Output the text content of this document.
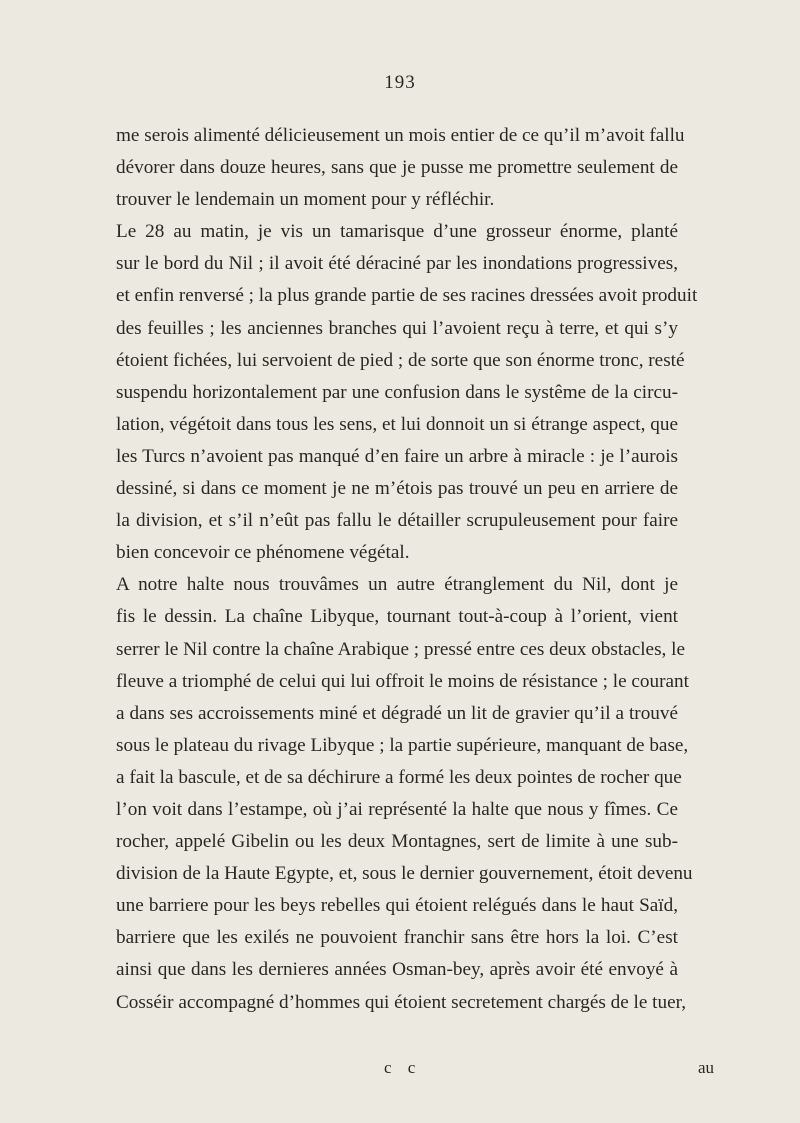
193
me serois alimenté délicieusement un mois entier de ce qu’il m’avoit fallu
dévorer dans douze heures, sans que je pusse me promettre seulement de
trouver le lendemain un moment pour y réfléchir.
Le 28 au matin, je vis un tamarisque d’une grosseur énorme, planté
sur le bord du Nil ; il avoit été déraciné par les inondations progressives,
et enfin renversé ; la plus grande partie de ses racines dressées avoit produit
des feuilles ; les anciennes branches qui l’avoient reçu à terre, et qui s’y
étoient fichées, lui servoient de pied ; de sorte que son énorme tronc, resté
suspendu horizontalement par une confusion dans le systême de la circu-
lation, végétoit dans tous les sens, et lui donnoit un si étrange aspect, que
les Turcs n’avoient pas manqué d’en faire un arbre à miracle : je l’aurois
dessiné, si dans ce moment je ne m’étois pas trouvé un peu en arriere de
la division, et s’il n’eût pas fallu le détailler scrupuleusement pour faire
bien concevoir ce phénomene végétal.
A notre halte nous trouvâmes un autre étranglement du Nil, dont je
fis le dessin. La chaîne Libyque, tournant tout-à-coup à l’orient, vient
serrer le Nil contre la chaîne Arabique ; pressé entre ces deux obstacles, le
fleuve a triomphé de celui qui lui offroit le moins de résistance ; le courant
a dans ses accroissements miné et dégradé un lit de gravier qu’il a trouvé
sous le plateau du rivage Libyque ; la partie supérieure, manquant de base,
a fait la bascule, et de sa déchirure a formé les deux pointes de rocher que
l’on voit dans l’estampe, où j’ai représenté la halte que nous y fîmes. Ce
rocher, appelé Gibelin ou les deux Montagnes, sert de limite à une sub-
division de la Haute Egypte, et, sous le dernier gouvernement, étoit devenu
une barriere pour les beys rebelles qui étoient relégués dans le haut Saïd,
barriere que les exilés ne pouvoient franchir sans être hors la loi. C’est
ainsi que dans les dernieres années Osman-bey, après avoir été envoyé à
Cosséir accompagné d’hommes qui étoient secretement chargés de le tuer,
c c	au
